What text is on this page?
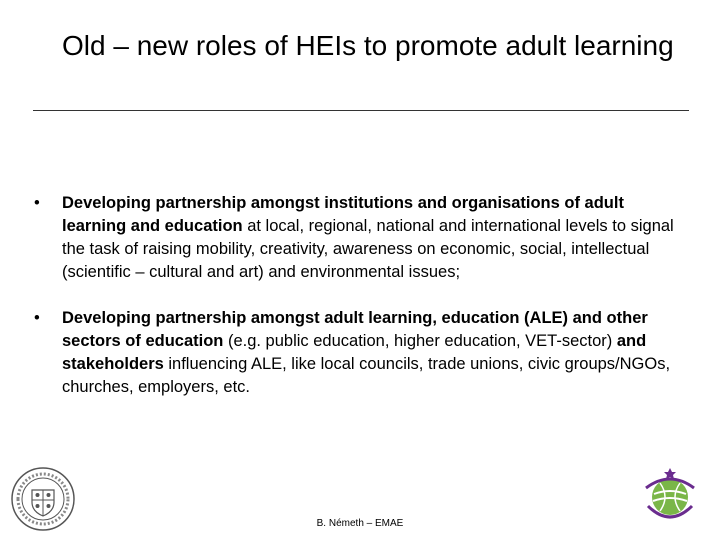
Old – new roles of HEIs to promote adult learning
• Developing partnership amongst institutions and organisations of adult learning and education at local, regional, national and international levels to signal the task of raising mobility, creativity, awareness on economic, social, intellectual (scientific – cultural and art) and environmental issues;
• Developing partnership amongst adult learning, education (ALE) and other sectors of education (e.g. public education, higher education, VET-sector) and stakeholders influencing ALE, like local councils, trade unions, civic groups/NGOs, churches, employers, etc.
B. Németh – EMAE
